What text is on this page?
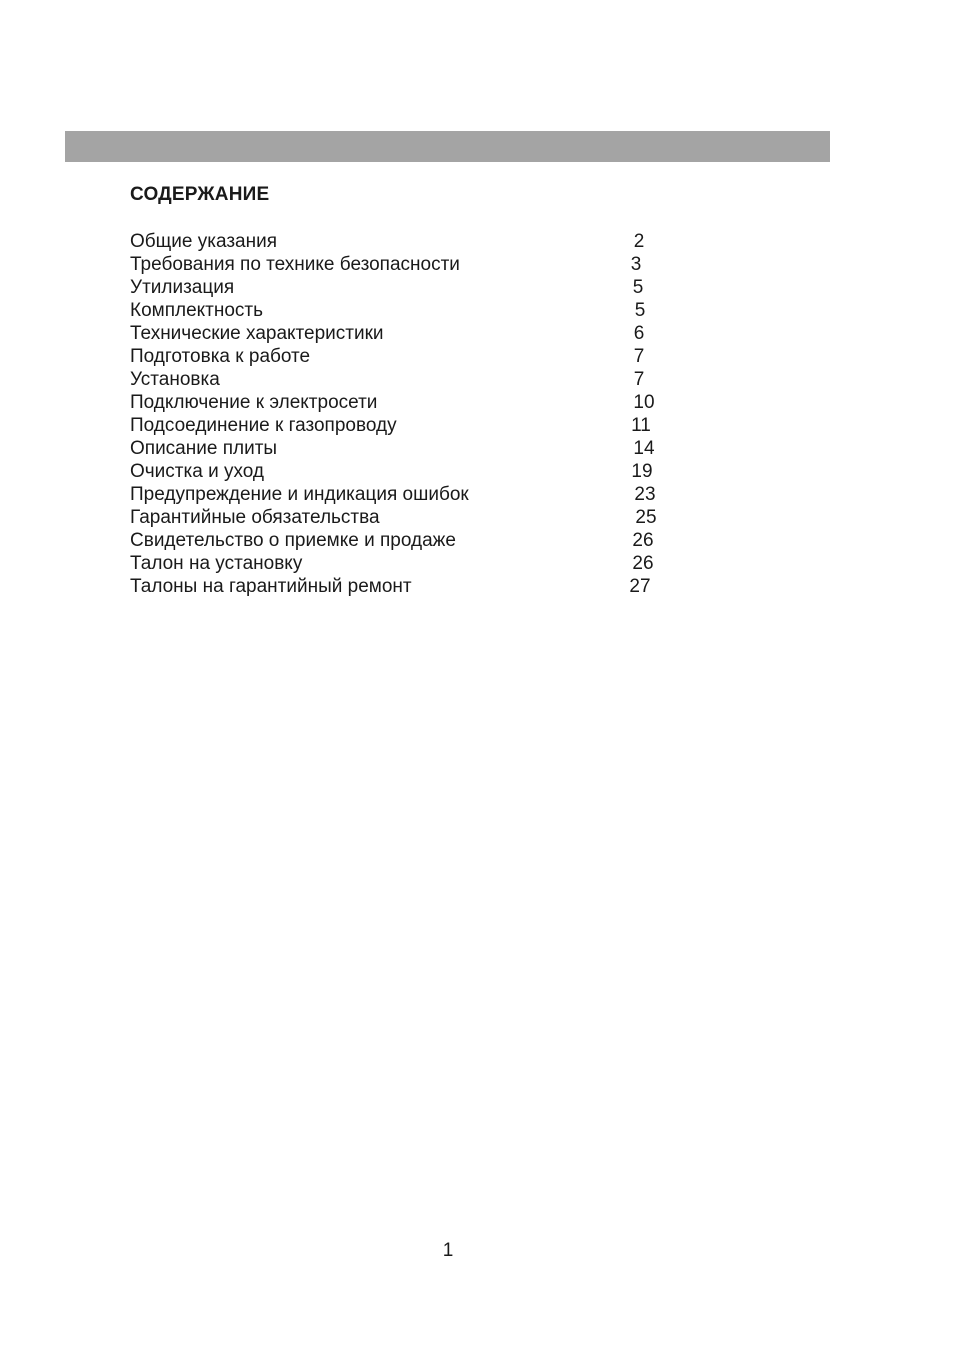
СОДЕРЖАНИЕ
Общие указания	2
Требования по технике безопасности	3
Утилизация	5
Комплектность	5
Технические характеристики	6
Подготовка к работе	7
Установка	7
Подключение к электросети	10
Подсоединение к газопроводу	11
Описание плиты	14
Очистка и уход	19
Предупреждение и индикация ошибок	23
Гарантийные обязательства	25
Свидетельство о приемке и продаже	26
Талон на установку	26
Талоны на гарантийный ремонт	27
1
